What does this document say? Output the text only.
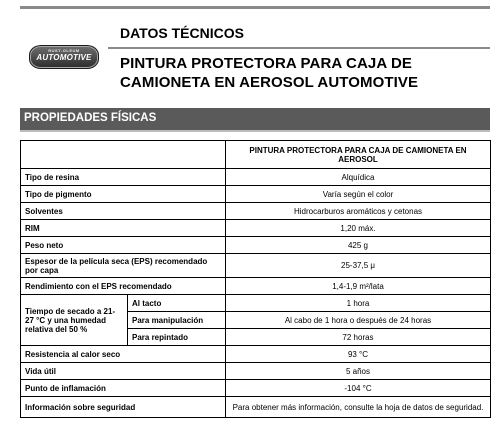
RUST-OLEUM
AUTOMOTIVE
DATOS TÉCNICOS
PINTURA PROTECTORA PARA CAJA DE CAMIONETA EN AEROSOL AUTOMOTIVE
PROPIEDADES FÍSICAS
		PINTURA PROTECTORA PARA CAJA DE CAMIONETA EN AEROSOL
Tipo de resina		Alquídica
Tipo de pigmento		Varía según el color
Solventes		Hidrocarburos aromáticos y cetonas
RIM		1,20 máx.
Peso neto		425 g
Espesor de la película seca (EPS) recomendado por capa		25-37,5 μ
Rendimiento con el EPS recomendado		1,4-1,9 m²/lata
Tiempo de secado a 21-27 °C y una humedad relativa del 50 %	Al tacto	1 hora
	Para manipulación	Al cabo de 1 hora o después de 24 horas
	Para repintado	72 horas
Resistencia al calor seco		93 °C
Vida útil		5 años
Punto de inflamación		-104 °C
Información sobre seguridad		Para obtener más información, consulte la hoja de datos de seguridad.
